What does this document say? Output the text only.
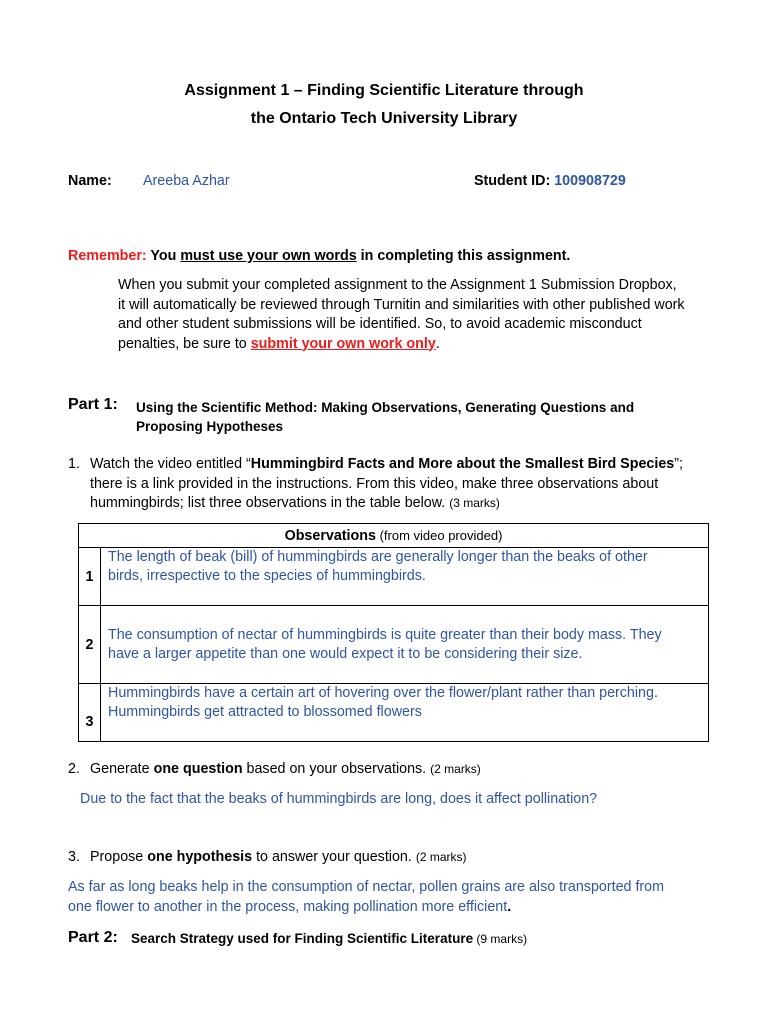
Assignment 1 – Finding Scientific Literature through
the Ontario Tech University Library
Name: Areeba Azhar	Student ID: 100908729
Remember: You must use your own words in completing this assignment.
When you submit your completed assignment to the Assignment 1 Submission Dropbox,
it will automatically be reviewed through Turnitin and similarities with other published work
and other student submissions will be identified. So, to avoid academic misconduct
penalties, be sure to submit your own work only.
Part 1: Using the Scientific Method: Making Observations, Generating Questions and
Proposing Hypotheses
1. Watch the video entitled “Hummingbird Facts and More about the Smallest Bird Species”;
there is a link provided in the instructions. From this video, make three observations about
hummingbirds; list three observations in the table below. (3 marks)
Observations (from video provided)	
1	The length of beak (bill) of hummingbirds are generally longer than the beaks of other
birds, irrespective to the species of hummingbirds.

2	The consumption of nectar of hummingbirds is quite greater than their body mass. They
have a larger appetite than one would expect it to be considering their size.

3	Hummingbirds have a certain art of hovering over the flower/plant rather than perching.
Hummingbirds get attracted to blossomed flowers
2. Generate one question based on your observations. (2 marks)
Due to the fact that the beaks of hummingbirds are long, does it affect pollination?
3. Propose one hypothesis to answer your question. (2 marks)
As far as long beaks help in the consumption of nectar, pollen grains are also transported from
one flower to another in the process, making pollination more efficient.
Part 2: Search Strategy used for Finding Scientific Literature (9 marks)
